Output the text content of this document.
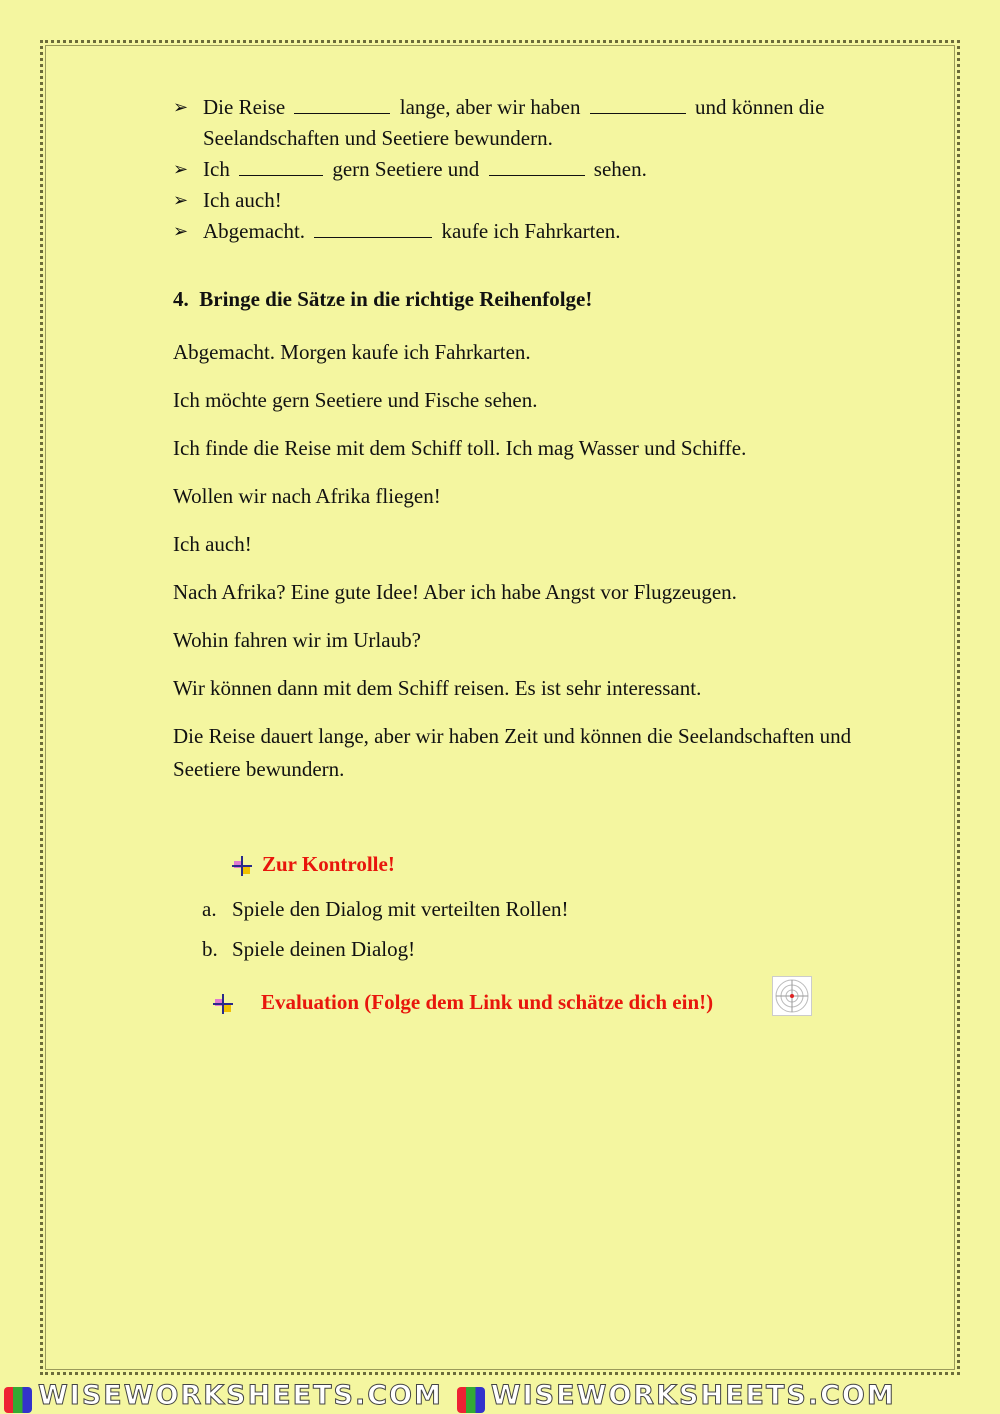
➢ Die Reise	lange, aber wir haben	und können die Seelandschaften und Seetiere bewundern.
➢ Ich	gern Seetiere und	sehen.
➢ Ich auch!
➢ Abgemacht.	kaufe ich Fahrkarten.
4. Bringe die Sätze in die richtige Reihenfolge!

Abgemacht. Morgen kaufe ich Fahrkarten.

Ich möchte gern Seetiere und Fische sehen.

Ich finde die Reise mit dem Schiff toll. Ich mag Wasser und Schiffe.

Wollen wir nach Afrika fliegen!

Ich auch!

Nach Afrika? Eine gute Idee! Aber ich habe Angst vor Flugzeugen.

Wohin fahren wir im Urlaub?

Wir können dann mit dem Schiff reisen. Es ist sehr interessant.

Die Reise dauert lange, aber wir haben Zeit und können die Seelandschaften und Seetiere bewundern.

Zur Kontrolle!
a. Spiele den Dialog mit verteilten Rollen!
b. Spiele deinen Dialog!
Evaluation (Folge dem Link und schätze dich ein!)
WISEWORKSHEETS.COM WISEWORKSHEETS.COM
